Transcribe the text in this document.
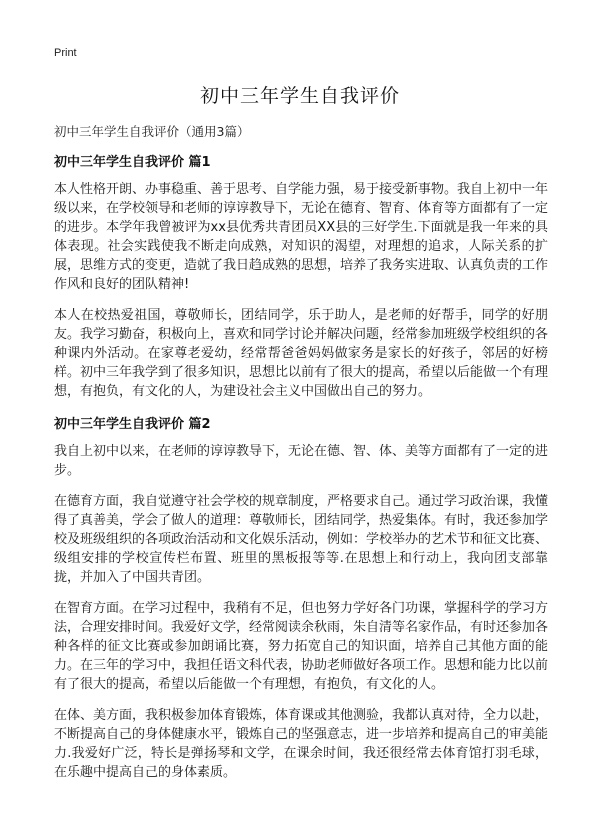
Print
初中三年学生自我评价
初中三年学生自我评价（通用3篇）
初中三年学生自我评价 篇1

本人性格开朗、办事稳重、善于思考、自学能力强，易于接受新事物。我自上初中一年级以来，在学校领导和老师的谆谆教导下，无论在德育、智育、体育等方面都有了一定的进步。本学年我曾被评为xx县优秀共青团员XX县的三好学生.下面就是我一年来的具体表现。社会实践使我不断走向成熟，对知识的渴望，对理想的追求，人际关系的扩展，思维方式的变更，造就了我日趋成熟的思想，培养了我务实进取、认真负责的工作作风和良好的团队精神!

本人在校热爱祖国，尊敬师长，团结同学，乐于助人，是老师的好帮手，同学的好朋友。我学习勤奋，积极向上，喜欢和同学讨论并解决问题，经常参加班级学校组织的各种课内外活动。在家尊老爱幼，经常帮爸爸妈妈做家务是家长的好孩子，邻居的好榜样。初中三年我学到了很多知识，思想比以前有了很大的提高，希望以后能做一个有理想，有抱负，有文化的人，为建设社会主义中国做出自己的努力。

初中三年学生自我评价 篇2

我自上初中以来，在老师的谆谆教导下，无论在德、智、体、美等方面都有了一定的进步。

在德育方面，我自觉遵守社会学校的规章制度，严格要求自己。通过学习政治课，我懂得了真善美，学会了做人的道理：尊敬师长，团结同学，热爱集体。有时，我还参加学校及班级组织的各项政治活动和文化娱乐活动，例如：学校举办的艺术节和征文比赛、级组安排的学校宣传栏布置、班里的黑板报等等.在思想上和行动上，我向团支部靠拢，并加入了中国共青团。

在智育方面。在学习过程中，我稍有不足，但也努力学好各门功课，掌握科学的学习方法，合理安排时间。我爱好文学，经常阅读余秋雨，朱自清等名家作品，有时还参加各种各样的征文比赛或参加朗诵比赛，努力拓宽自己的知识面，培养自己其他方面的能力。在三年的学习中，我担任语文科代表，协助老师做好各项工作。思想和能力比以前有了很大的提高，希望以后能做一个有理想，有抱负，有文化的人。

在体、美方面，我积极参加体育锻炼，体育课或其他测验，我都认真对待，全力以赴，不断提高自己的身体健康水平，锻炼自己的坚强意志，进一步培养和提高自己的审美能力.我爱好广泛，特长是弹扬琴和文学，在课余时间，我还很经常去体育馆打羽毛球，在乐趣中提高自己的身体素质。
